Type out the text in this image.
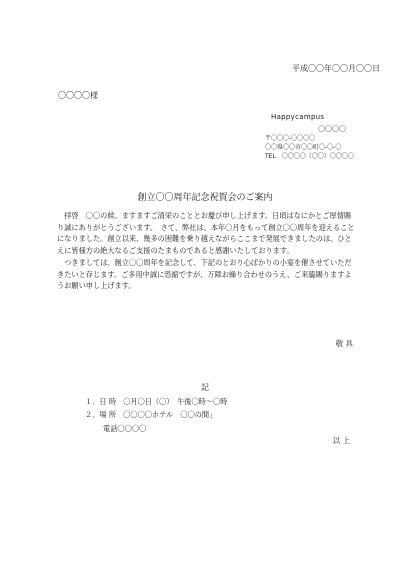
平成〇〇年〇〇月〇〇日
〇〇〇〇様
Happycampus
〇〇〇〇
〒〇〇〇-〇〇〇〇
〇〇県〇〇市〇〇町〇-〇-〇
TEL　〇〇〇〇（〇〇）〇〇〇〇
創立〇〇周年記念祝賀会のご案内

　拝啓　〇〇の候、ますますご清栄のこととお慶び申し上げます。日頃はなにかとご厚情賜り誠にありがとうございます。　さて、弊社は、本年〇月をもって創立〇〇周年を迎えることになりました。創立以来、幾多の困難を乗り越えながらここまで発展できましたのは、ひとえに皆様方の絶大なるご支援のたまものであると感謝いたしております。

　つきましては、創立〇〇周年を記念して、下記のとおり心ばかりの小宴を催させていただきたいと存じます。ご多用中誠に恐縮ですが、万障お繰り合わせのうえ、ご来臨賜りますようお願い申し上げます。

敬 具
記
１．日 時　〇月〇日（〇）　午後〇時～〇時
２．場 所　〇〇〇〇ホテル　〇〇の間」
電話〇〇〇〇
以 上
